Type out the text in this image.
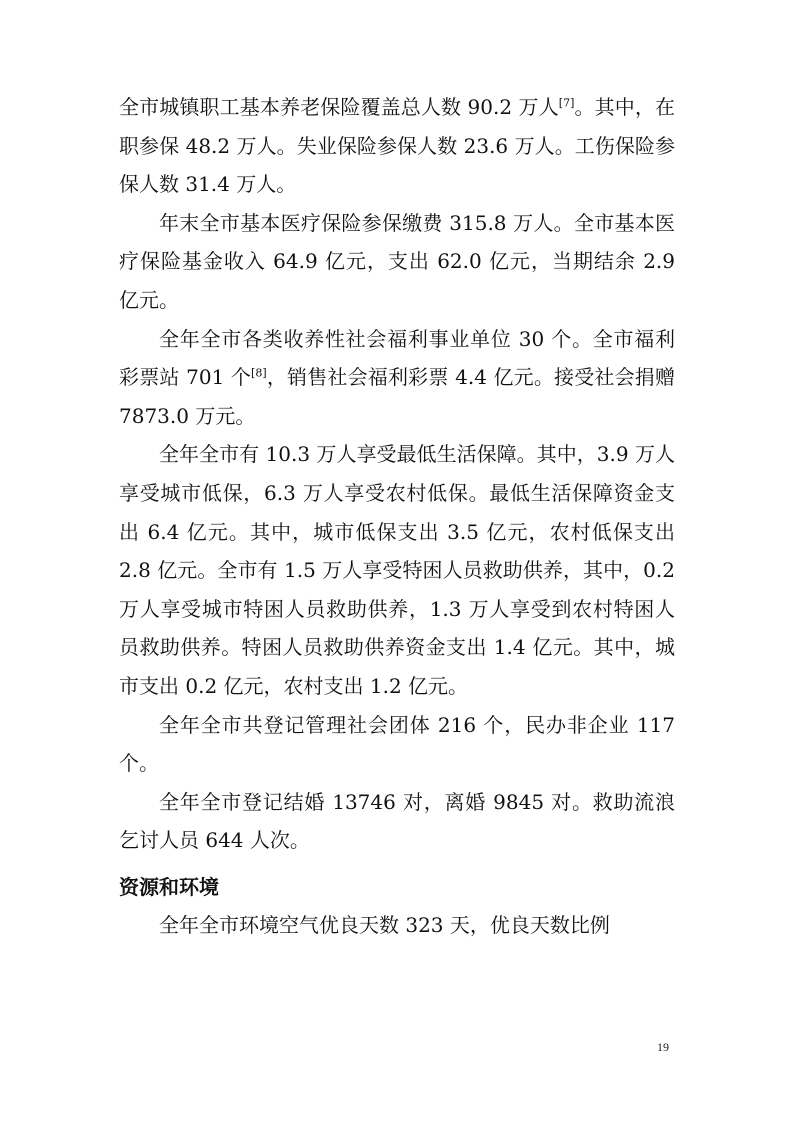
全市城镇职工基本养老保险覆盖总人数 90.2 万人[7]。其中，在职参保 48.2 万人。失业保险参保人数 23.6 万人。工伤保险参保人数 31.4 万人。

年末全市基本医疗保险参保缴费 315.8 万人。全市基本医疗保险基金收入 64.9 亿元，支出 62.0 亿元，当期结余 2.9 亿元。

全年全市各类收养性社会福利事业单位 30 个。全市福利彩票站 701 个[8]，销售社会福利彩票 4.4 亿元。接受社会捐赠 7873.0 万元。

全年全市有 10.3 万人享受最低生活保障。其中，3.9 万人享受城市低保，6.3 万人享受农村低保。最低生活保障资金支出 6.4 亿元。其中，城市低保支出 3.5 亿元，农村低保支出 2.8 亿元。全市有 1.5 万人享受特困人员救助供养，其中，0.2 万人享受城市特困人员救助供养，1.3 万人享受到农村特困人员救助供养。特困人员救助供养资金支出 1.4 亿元。其中，城市支出 0.2 亿元，农村支出 1.2 亿元。

全年全市共登记管理社会团体 216 个，民办非企业 117 个。

全年全市登记结婚 13746 对，离婚 9845 对。救助流浪乞讨人员 644 人次。

资源和环境

全年全市环境空气优良天数 323 天，优良天数比例

19
